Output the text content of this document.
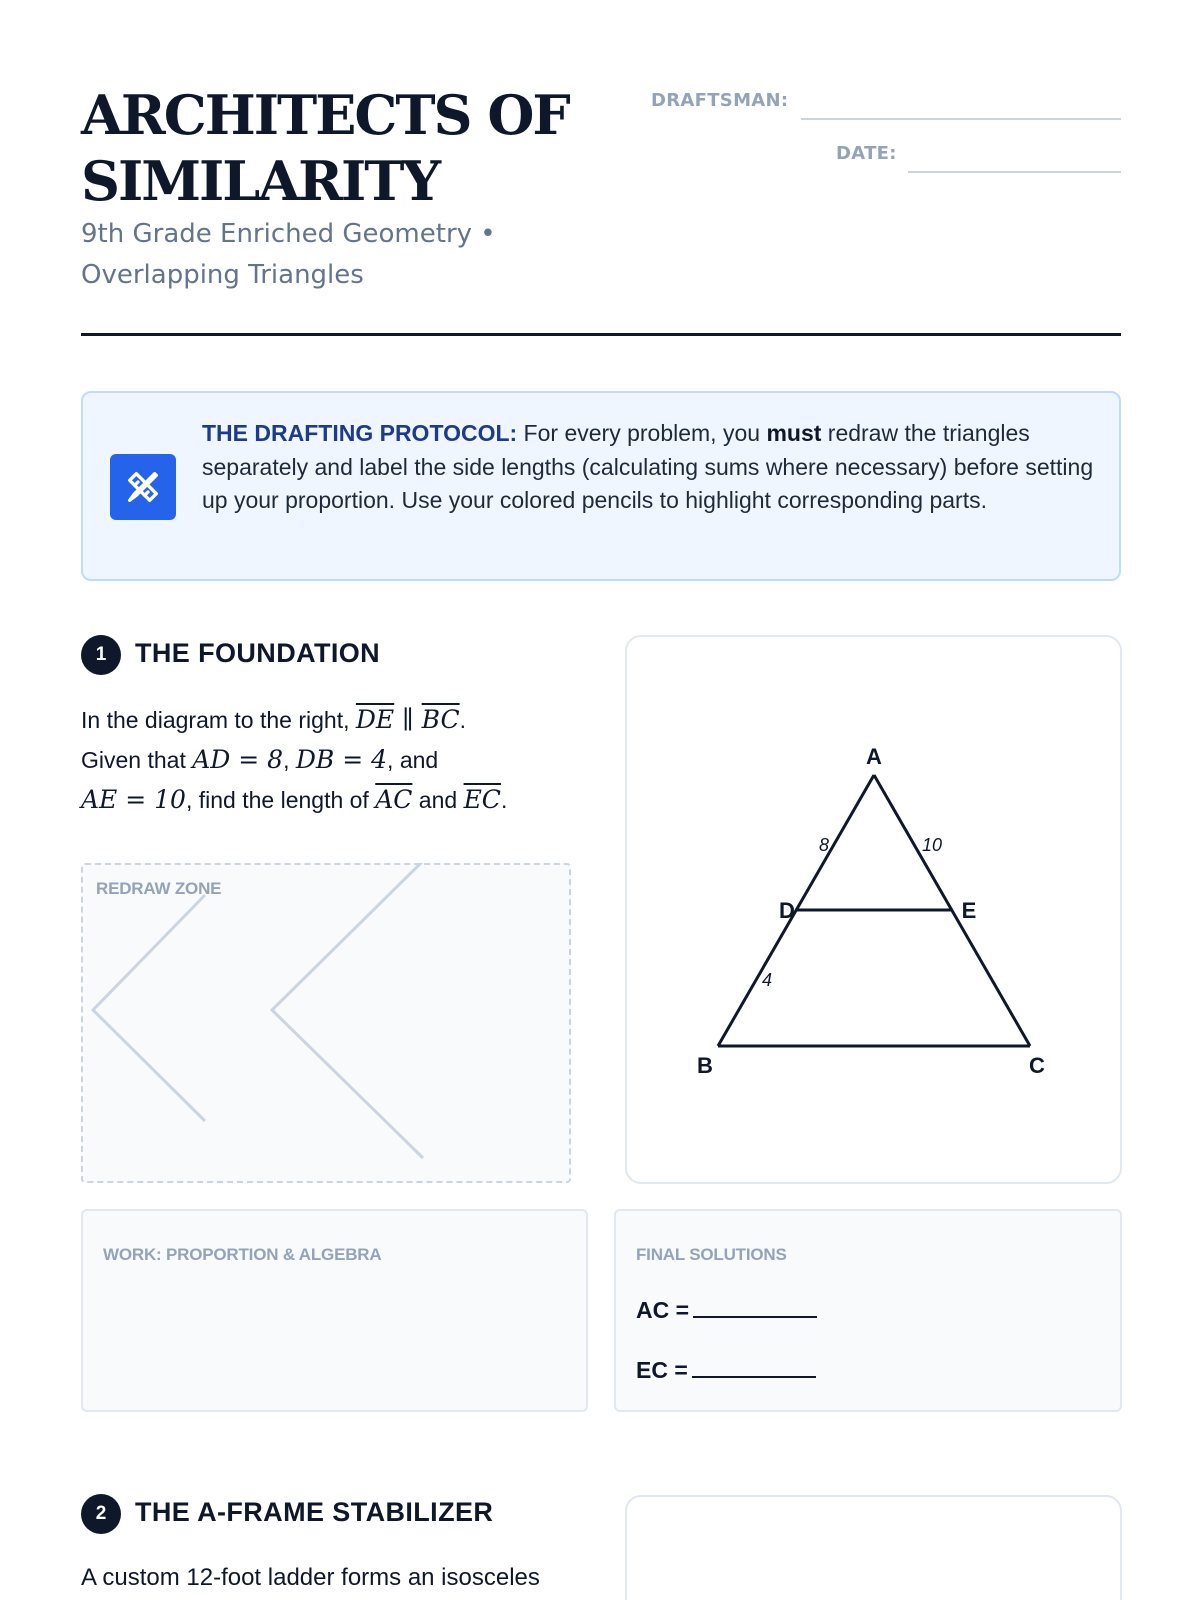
ARCHITECTS OF SIMILARITY
9th Grade Enriched Geometry • Overlapping Triangles
DRAFTSMAN:
DATE:
THE DRAFTING PROTOCOL: For every problem, you must redraw the triangles separately and label the side lengths (calculating sums where necessary) before setting up your proportion. Use your colored pencils to highlight corresponding parts.
1	THE FOUNDATION
In the diagram to the right, $\overline{DE}$ ∥ $\overline{BC}$.
Given that AD = 8, DB = 4, and
AE = 10, find the length of $\overline{AC}$ and $\overline{EC}$.
REDRAW ZONE
A
B	C
D	E
8	10
4
WORK: PROPORTION & ALGEBRA	FINAL SOLUTIONS
AC =
EC =
2	THE A-FRAME STABILIZER
A custom 12-foot ladder forms an isosceles
